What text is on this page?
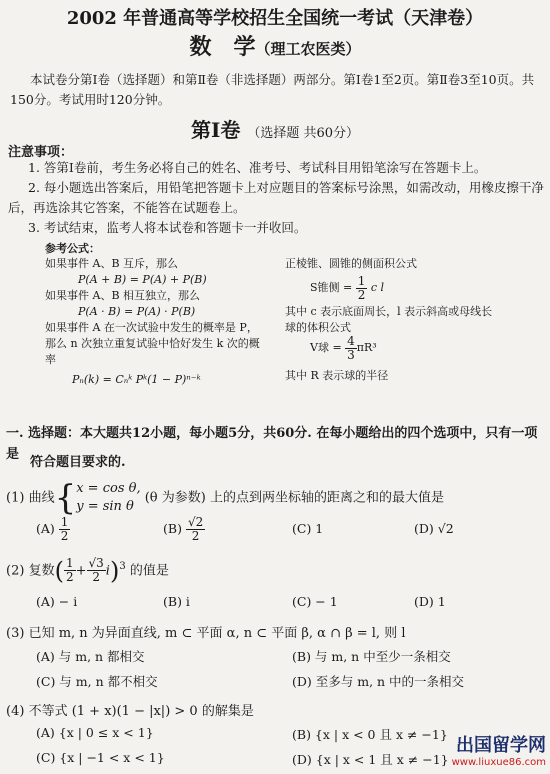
2002 年普通高等学校招生全国统一考试（天津卷）
数　学（理工农医类）
本试卷分第Ⅰ卷（选择题）和第Ⅱ卷（非选择题）两部分。第Ⅰ卷1至2页。第Ⅱ卷3至10页。共150分。考试用时120分钟。
第Ⅰ卷 （选择题 共60分）
注意事项：
1. 答第Ⅰ卷前，考生务必将自己的姓名、准考号、考试科目用铅笔涂写在答题卡上。
2. 每小题选出答案后，用铅笔把答题卡上对应题目的答案标号涂黑，如需改动，用橡皮擦干净后，再选涂其它答案，不能答在试题卷上。
3. 考试结束，监考人将本试卷和答题卡一并收回。
参考公式：
如果事件 A、B 互斥，那么
P(A + B) = P(A) + P(B)
如果事件 A、B 相互独立，那么
P(A · B) = P(A) · P(B)
如果事件 A 在一次试验中发生的概率是 P，
那么 n 次独立重复试验中恰好发生 k 次的概
率
Pₙ(k) = Cₙᵏ Pᵏ(1 − P)ⁿ⁻ᵏ
正棱锥、圆锥的侧面积公式
S锥侧 = $\frac{1}{2}$ c l
其中 c 表示底面周长，l 表示斜高或母线长
球的体积公式
V球 = $\frac{4}{3} \pi R^3$
其中 R 表示球的半径
一. 选择题：本大题共12小题，每小题5分，共60分. 在每小题给出的四个选项中，只有一项是
符合题目要求的.
(1) 曲线{ x = cos θ,
y = sin θ
(θ 为参数) 上的点到两坐标轴的距离之和的最大值是
$(A) \frac{1}{2}$	$(B) \frac{√2}{2}$	(C) 1	(D) √2
(2) 复数( $\frac{1}{2} + \frac{√3}{2} i)^3$ 的值是
(A) − i	(B) i	(C) − 1	(D) 1
(3) 已知 m, n 为异面直线, m ⊂ 平面 α, n ⊂ 平面 β, α ∩ β = l, 则 l
(A) 与 m, n 都相交	(B) 与 m, n 中至少一条相交
(C) 与 m, n 都不相交	(D) 至多与 m, n 中的一条相交
(4) 不等式 (1 + x)(1 − |x|) > 0 的解集是
(A) {x | 0 ≤ x < 1}	(B) {x | x < 0 且 x ≠ −1}
(C) {x | −1 < x < 1}	(D) {x | x < 1 且 x ≠ −1}
出国留学网
www.liuxue86.com
